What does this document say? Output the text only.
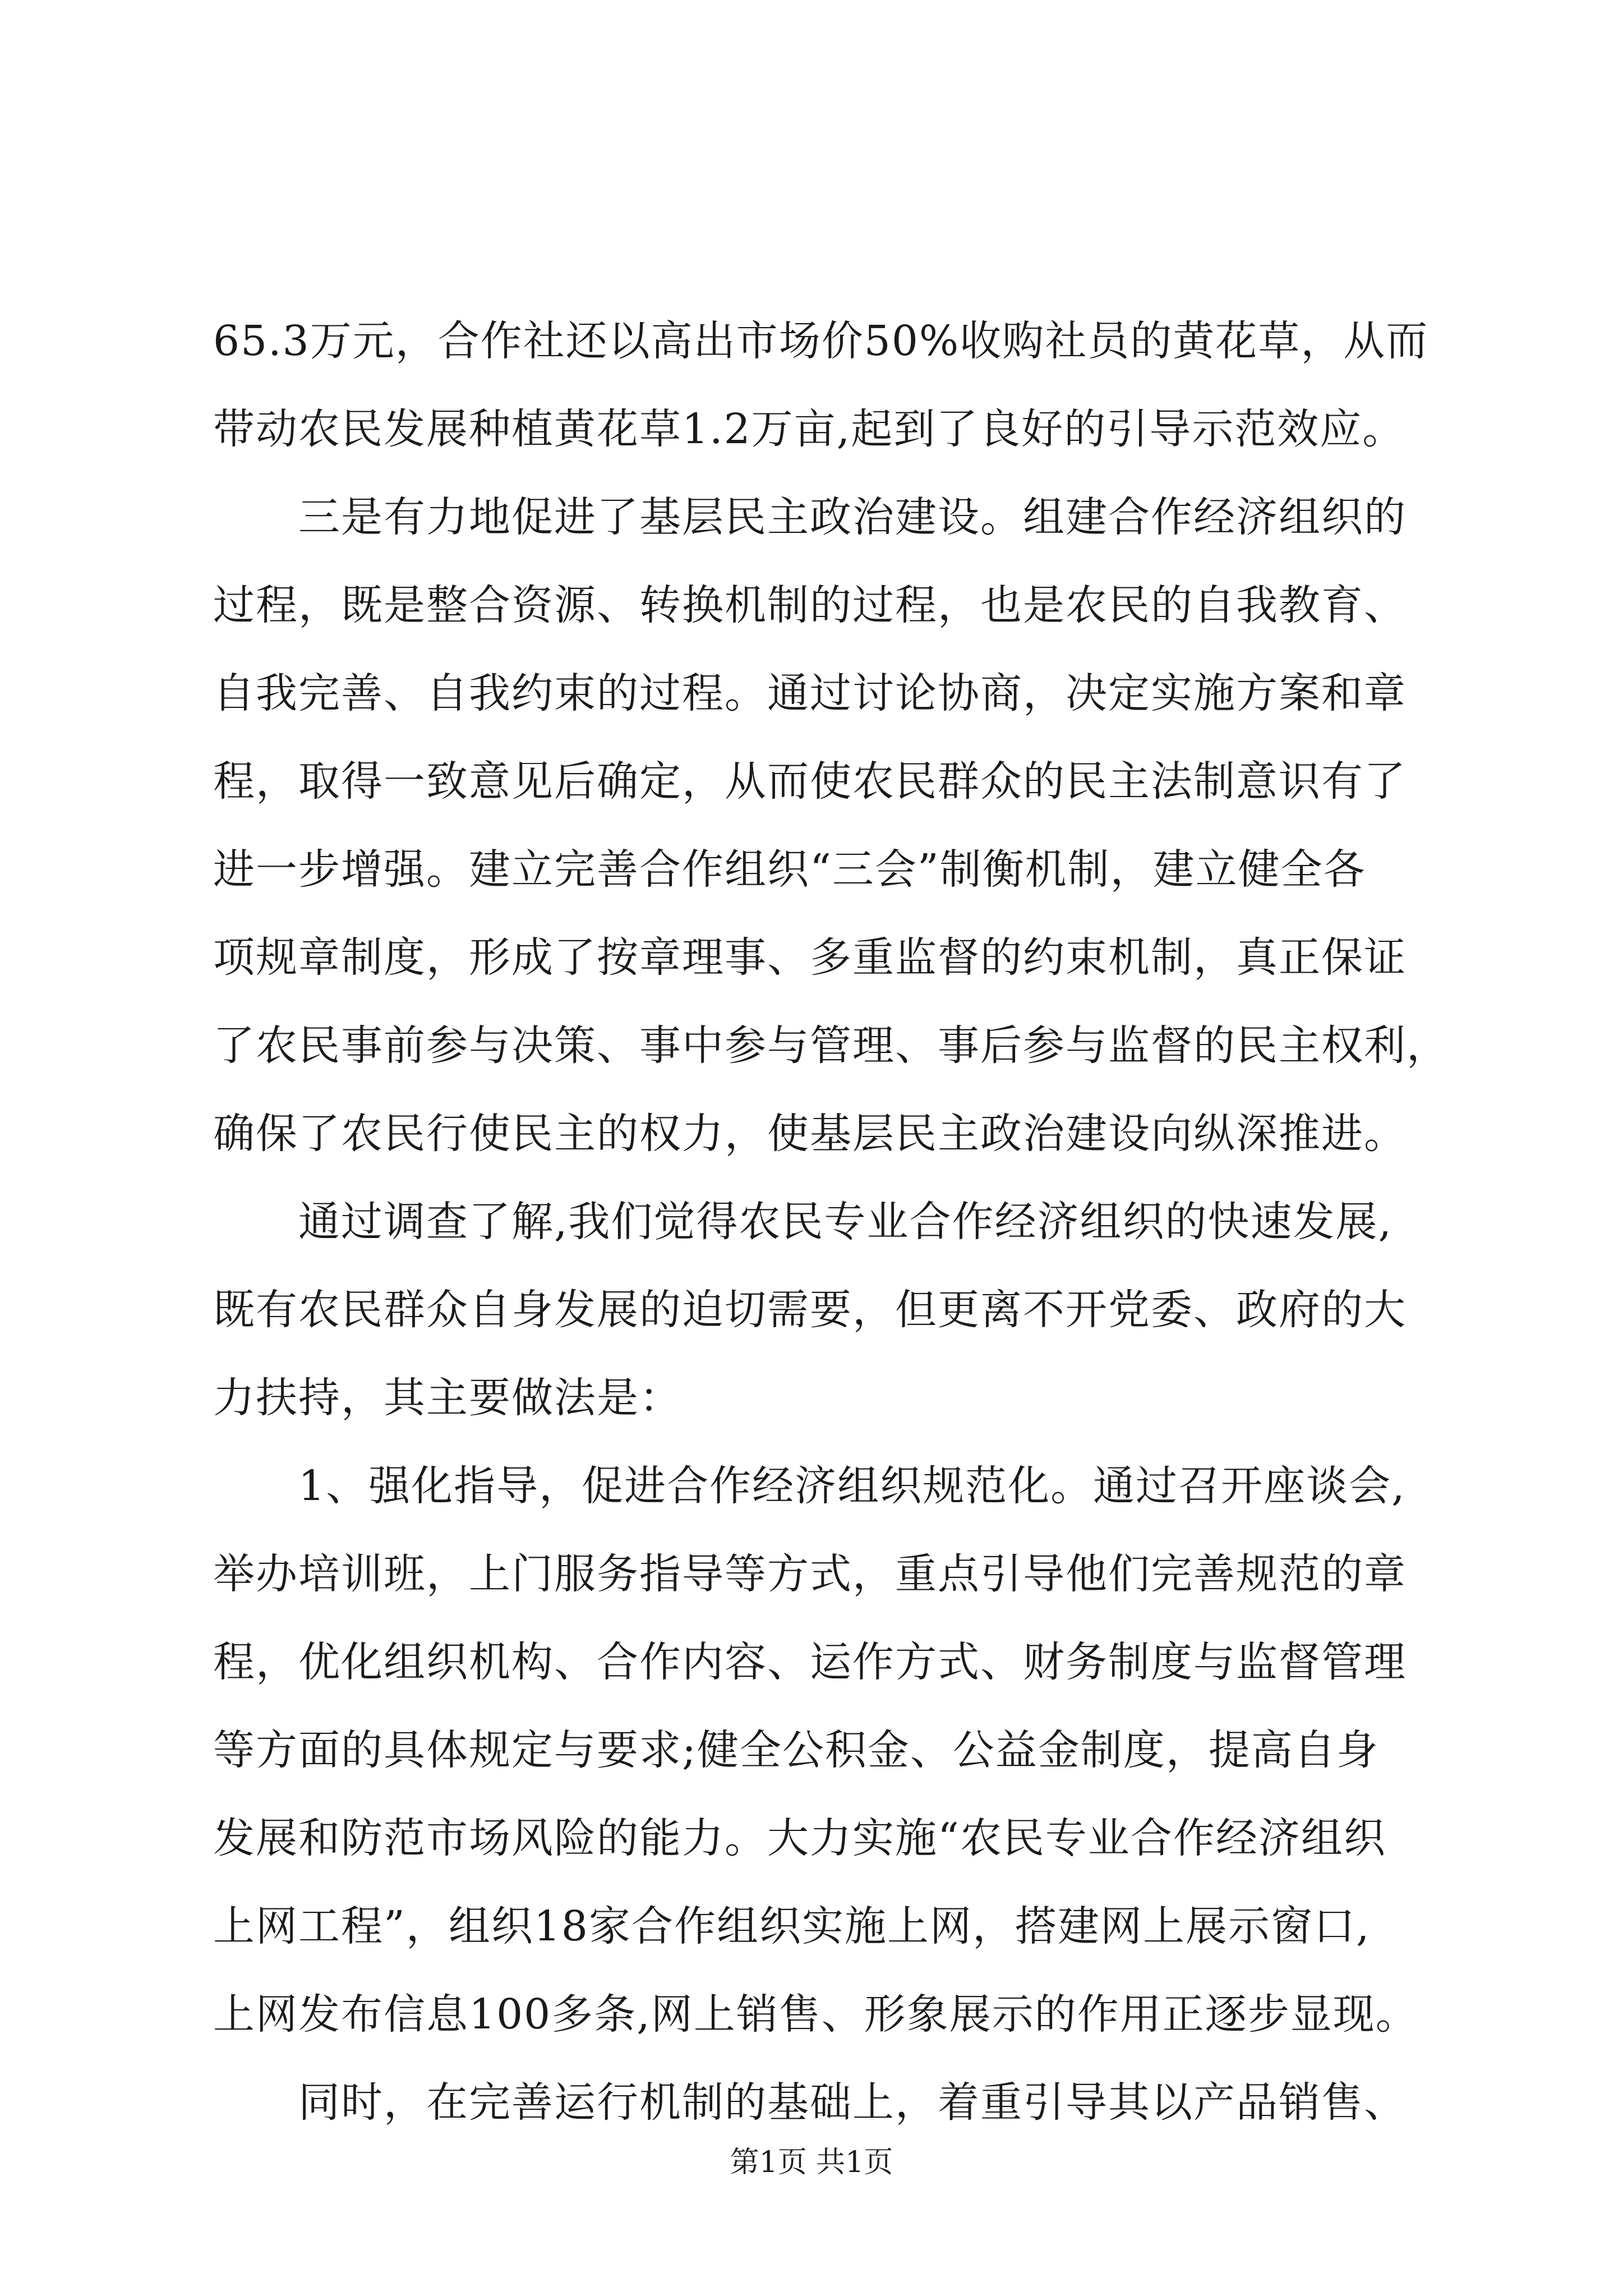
65.3万元，合作社还以高出市场价50%收购社员的黄花草，从而
带动农民发展种植黄花草1.2万亩,起到了良好的引导示范效应。
　　三是有力地促进了基层民主政治建设。组建合作经济组织的
过程，既是整合资源、转换机制的过程，也是农民的自我教育、
自我完善、自我约束的过程。通过讨论协商，决定实施方案和章
程，取得一致意见后确定，从而使农民群众的民主法制意识有了
进一步增强。建立完善合作组织“三会”制衡机制，建立健全各
项规章制度，形成了按章理事、多重监督的约束机制，真正保证
了农民事前参与决策、事中参与管理、事后参与监督的民主权利，
确保了农民行使民主的权力，使基层民主政治建设向纵深推进。
　　通过调查了解,我们觉得农民专业合作经济组织的快速发展,
既有农民群众自身发展的迫切需要，但更离不开党委、政府的大
力扶持，其主要做法是：
　　1、强化指导，促进合作经济组织规范化。通过召开座谈会,
举办培训班，上门服务指导等方式，重点引导他们完善规范的章
程，优化组织机构、合作内容、运作方式、财务制度与监督管理
等方面的具体规定与要求;健全公积金、公益金制度，提高自身
发展和防范市场风险的能力。大力实施“农民专业合作经济组织
上网工程”，组织18家合作组织实施上网，搭建网上展示窗口,
上网发布信息100多条,网上销售、形象展示的作用正逐步显现。
　　同时，在完善运行机制的基础上，着重引导其以产品销售、
第1页 共1页
